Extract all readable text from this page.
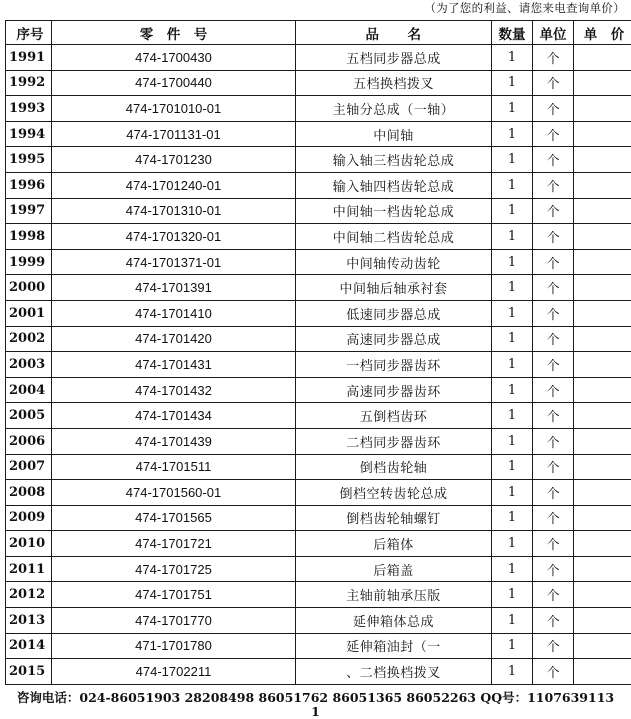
（为了您的利益、请您来电查询单价）
序号	零　件　号	品　　名	数量	单位	单　价
1991	474-1700430	五档同步器总成	1	个	
1992	474-1700440	五档换档拨叉	1	个	
1993	474-1701010-01	主轴分总成（一轴）	1	个	
1994	474-1701131-01	中间轴	1	个	
1995	474-1701230	输入轴三档齿轮总成	1	个	
1996	474-1701240-01	输入轴四档齿轮总成	1	个	
1997	474-1701310-01	中间轴一档齿轮总成	1	个	
1998	474-1701320-01	中间轴二档齿轮总成	1	个	
1999	474-1701371-01	中间轴传动齿轮	1	个	
2000	474-1701391	中间轴后轴承衬套	1	个	
2001	474-1701410	低速同步器总成	1	个	
2002	474-1701420	高速同步器总成	1	个	
2003	474-1701431	一档同步器齿环	1	个	
2004	474-1701432	高速同步器齿环	1	个	
2005	474-1701434	五倒档齿环	1	个	
2006	474-1701439	二档同步器齿环	1	个	
2007	474-1701511	倒档齿轮轴	1	个	
2008	474-1701560-01	倒档空转齿轮总成	1	个	
2009	474-1701565	倒档齿轮轴螺钉	1	个	
2010	474-1701721	后箱体	1	个	
2011	474-1701725	后箱盖	1	个	
2012	474-1701751	主轴前轴承压版	1	个	
2013	474-1701770	延伸箱体总成	1	个	
2014	471-1701780	延伸箱油封（一	1	个	
2015	474-1702211	、二档换档拨叉	1	个	
咨询电话：024-86051903 28208498 86051762 86051365 86052263 QQ号：1107639113
1
